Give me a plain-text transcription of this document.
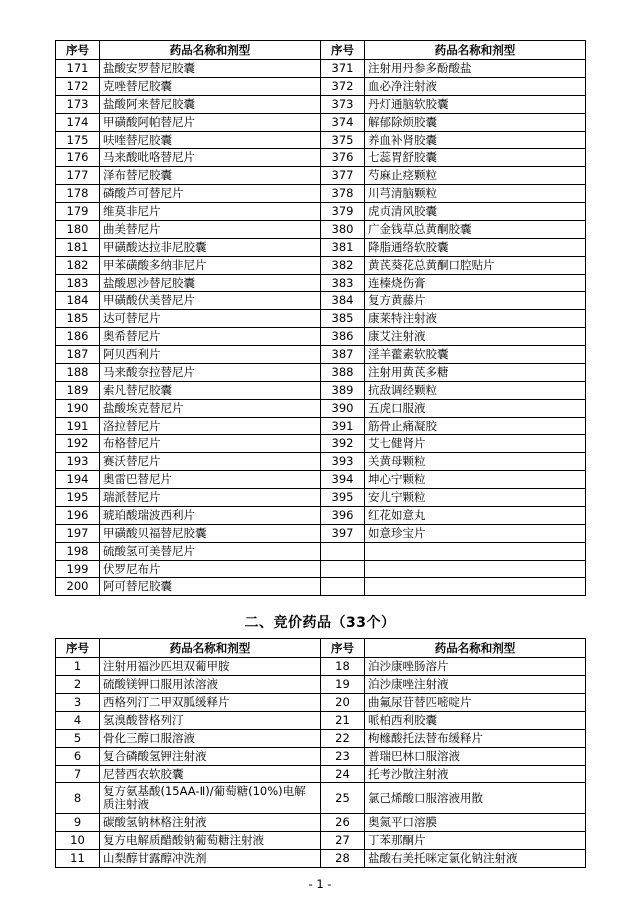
序号	药品名称和剂型	序号	药品名称和剂型
171	盐酸安罗替尼胶囊	371	注射用丹参多酚酸盐
172	克唑替尼胶囊	372	血必净注射液
173	盐酸阿来替尼胶囊	373	丹灯通脑软胶囊
174	甲磺酸阿帕替尼片	374	解郁除烦胶囊
175	呋喹替尼胶囊	375	养血补肾胶囊
176	马来酸吡咯替尼片	376	七蕊胃舒胶囊
177	泽布替尼胶囊	377	芍麻止痉颗粒
178	磷酸芦可替尼片	378	川芎清脑颗粒
179	维莫非尼片	379	虎贞清风胶囊
180	曲美替尼片	380	广金钱草总黄酮胶囊
181	甲磺酸达拉非尼胶囊	381	降脂通络软胶囊
182	甲苯磺酸多纳非尼片	382	黄芪葵花总黄酮口腔贴片
183	盐酸恩沙替尼胶囊	383	连榛烧伤膏
184	甲磺酸伏美替尼片	384	复方黄藤片
185	达可替尼片	385	康莱特注射液
186	奥希替尼片	386	康艾注射液
187	阿贝西利片	387	淫羊藿素软胶囊
188	马来酸奈拉替尼片	388	注射用黄芪多糖
189	索凡替尼胶囊	389	抗敌调经颗粒
190	盐酸埃克替尼片	390	五虎口服液
191	洛拉替尼片	391	筋骨止痛凝胶
192	布格替尼片	392	艾七健肾片
193	赛沃替尼片	393	关黄母颗粒
194	奥雷巴替尼片	394	坤心宁颗粒
195	瑞派替尼片	395	安儿宁颗粒
196	琥珀酸瑞波西利片	396	红花如意丸
197	甲磺酸贝福替尼胶囊	397	如意珍宝片
198	硫酸氢可美替尼片		
199	伏罗尼布片		
200	阿可替尼胶囊		
二、竞价药品（33个）
序号	药品名称和剂型	序号	药品名称和剂型
1	注射用福沙匹坦双葡甲胺	18	泊沙康唑肠溶片
2	硫酸镁钾口服用浓溶液	19	泊沙康唑注射液
3	西格列汀二甲双胍缓释片	20	曲氟尿苷替匹嘧啶片
4	氢溴酸替格列汀	21	哌柏西利胶囊
5	骨化三醇口服溶液	22	枸橼酸托法替布缓释片
6	复合磷酸氢钾注射液	23	普瑞巴林口服溶液
7	尼替西农软胶囊	24	托考沙散注射液
8	复方氨基酸(15AA-Ⅱ)/葡萄糖(10%)电解质注射液	25	氯己烯酸口服溶液用散
9	碳酸氢钠林格注射液	26	奥氮平口溶膜
10	复方电解质醋酸钠葡萄糖注射液	27	丁苯那酮片
11	山梨醇甘露醇冲洗剂	28	盐酸右美托咪定氯化钠注射液
- 1 -
